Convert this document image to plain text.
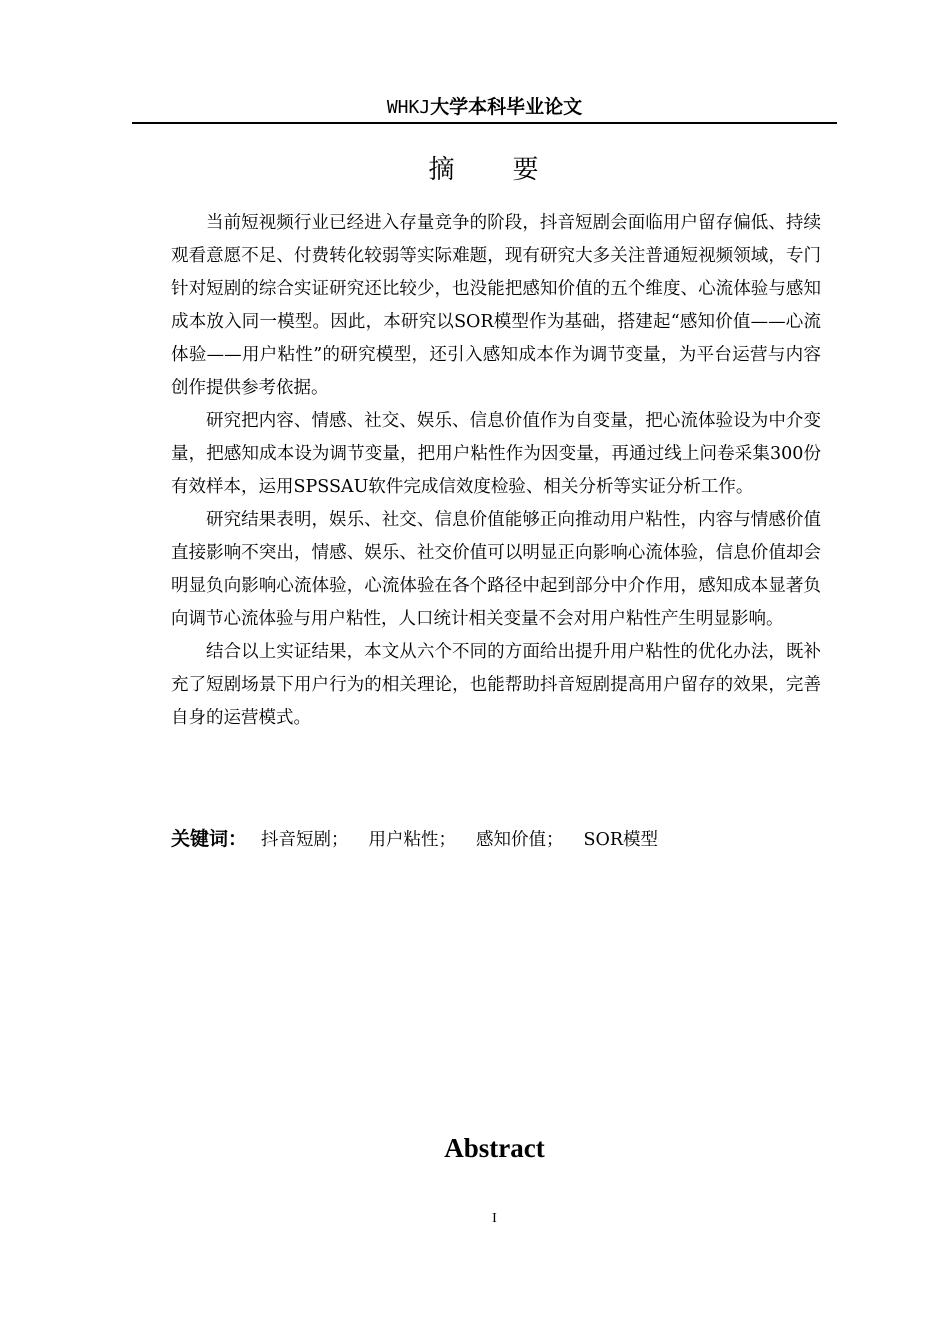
WHKJ大学本科毕业论文
摘　　要

当前短视频行业已经进入存量竞争的阶段，抖音短剧会面临用户留存偏低、持续观看意愿不足、付费转化较弱等实际难题，现有研究大多关注普通短视频领域，专门针对短剧的综合实证研究还比较少，也没能把感知价值的五个维度、心流体验与感知成本放入同一模型。因此，本研究以SOR模型作为基础，搭建起“感知价值——心流体验——用户粘性”的研究模型，还引入感知成本作为调节变量，为平台运营与内容创作提供参考依据。

研究把内容、情感、社交、娱乐、信息价值作为自变量，把心流体验设为中介变量，把感知成本设为调节变量，把用户粘性作为因变量，再通过线上问卷采集300份有效样本，运用SPSSAU软件完成信效度检验、相关分析等实证分析工作。

研究结果表明，娱乐、社交、信息价值能够正向推动用户粘性，内容与情感价值直接影响不突出，情感、娱乐、社交价值可以明显正向影响心流体验，信息价值却会明显负向影响心流体验，心流体验在各个路径中起到部分中介作用，感知成本显著负向调节心流体验与用户粘性，人口统计相关变量不会对用户粘性产生明显影响。

结合以上实证结果，本文从六个不同的方面给出提升用户粘性的优化办法，既补充了短剧场景下用户行为的相关理论，也能帮助抖音短剧提高用户留存的效果，完善自身的运营模式。

关键词： 抖音短剧； 用户粘性； 感知价值； SOR模型
Abstract
I
